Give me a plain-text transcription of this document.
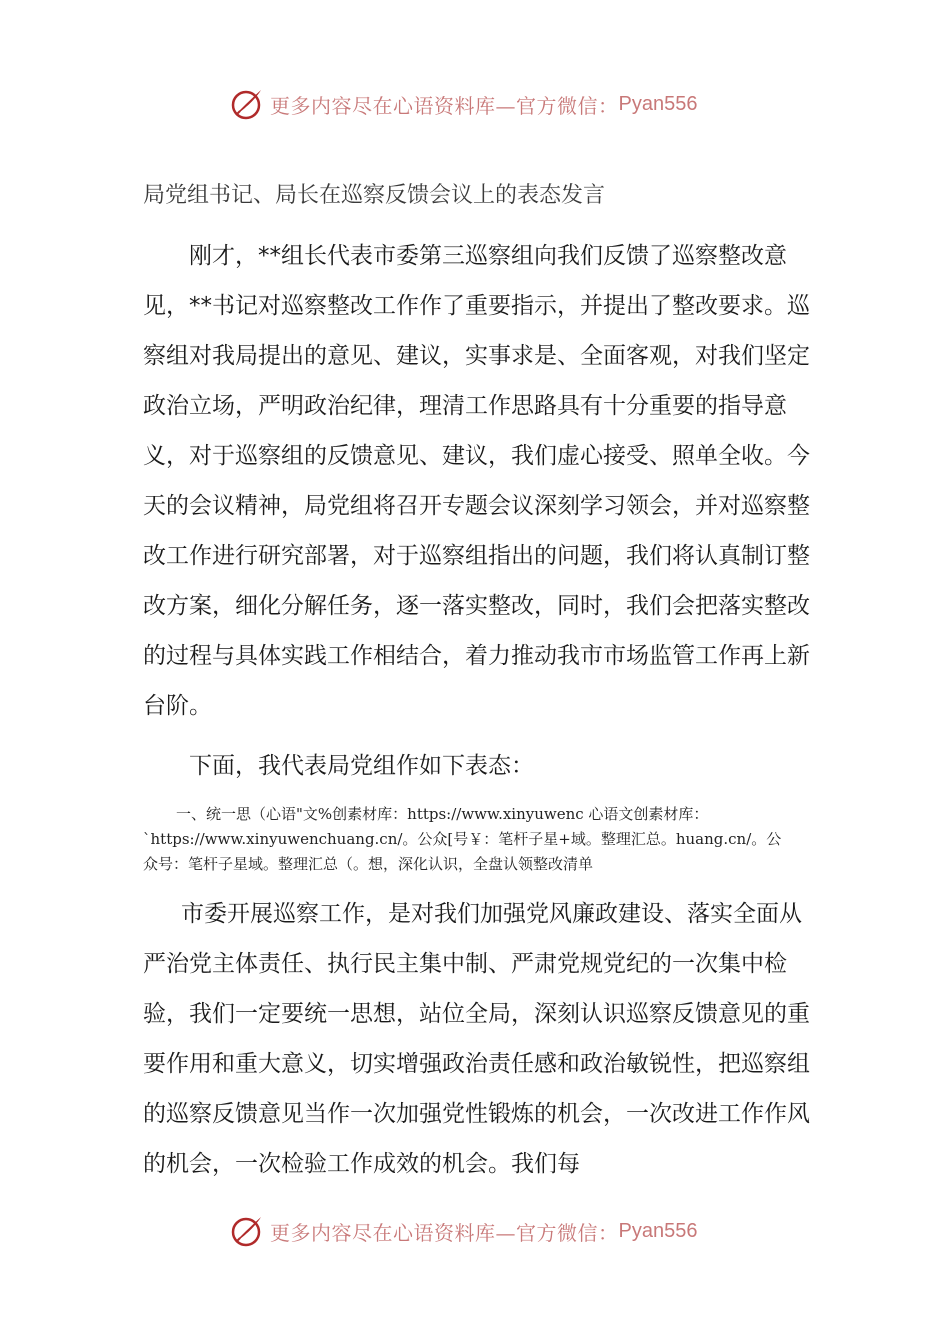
更多内容尽在心语资料库—官方微信： Pyan556
局党组书记、局长在巡察反馈会议上的表态发言

刚才，**组长代表市委第三巡察组向我们反馈了巡察整改意见，**书记对巡察整改工作作了重要指示，并提出了整改要求。巡察组对我局提出的意见、建议，实事求是、全面客观，对我们坚定政治立场，严明政治纪律，理清工作思路具有十分重要的指导意义，对于巡察组的反馈意见、建议，我们虚心接受、照单全收。今天的会议精神，局党组将召开专题会议深刻学习领会，并对巡察整改工作进行研究部署，对于巡察组指出的问题，我们将认真制订整改方案，细化分解任务，逐一落实整改，同时，我们会把落实整改的过程与具体实践工作相结合，着力推动我市市场监管工作再上新台阶。

下面，我代表局党组作如下表态：

一、统一思（心语"文%创素材库：https://www.xinyuwenc 心语文创素材库：`https://www.xinyuwenchuang.cn/。公众[号￥：笔杆子星+域。整理汇总。huang.cn/。公众号：笔杆子星域。整理汇总（。想，深化认识，全盘认领整改清单

市委开展巡察工作，是对我们加强党风廉政建设、落实全面从严治党主体责任、执行民主集中制、严肃党规党纪的一次集中检验，我们一定要统一思想，站位全局，深刻认识巡察反馈意见的重要作用和重大意义，切实增强政治责任感和政治敏锐性，把巡察组的巡察反馈意见当作一次加强党性锻炼的机会，一次改进工作作风的机会，一次检验工作成效的机会。我们每

更多内容尽在心语资料库—官方微信： Pyan556
